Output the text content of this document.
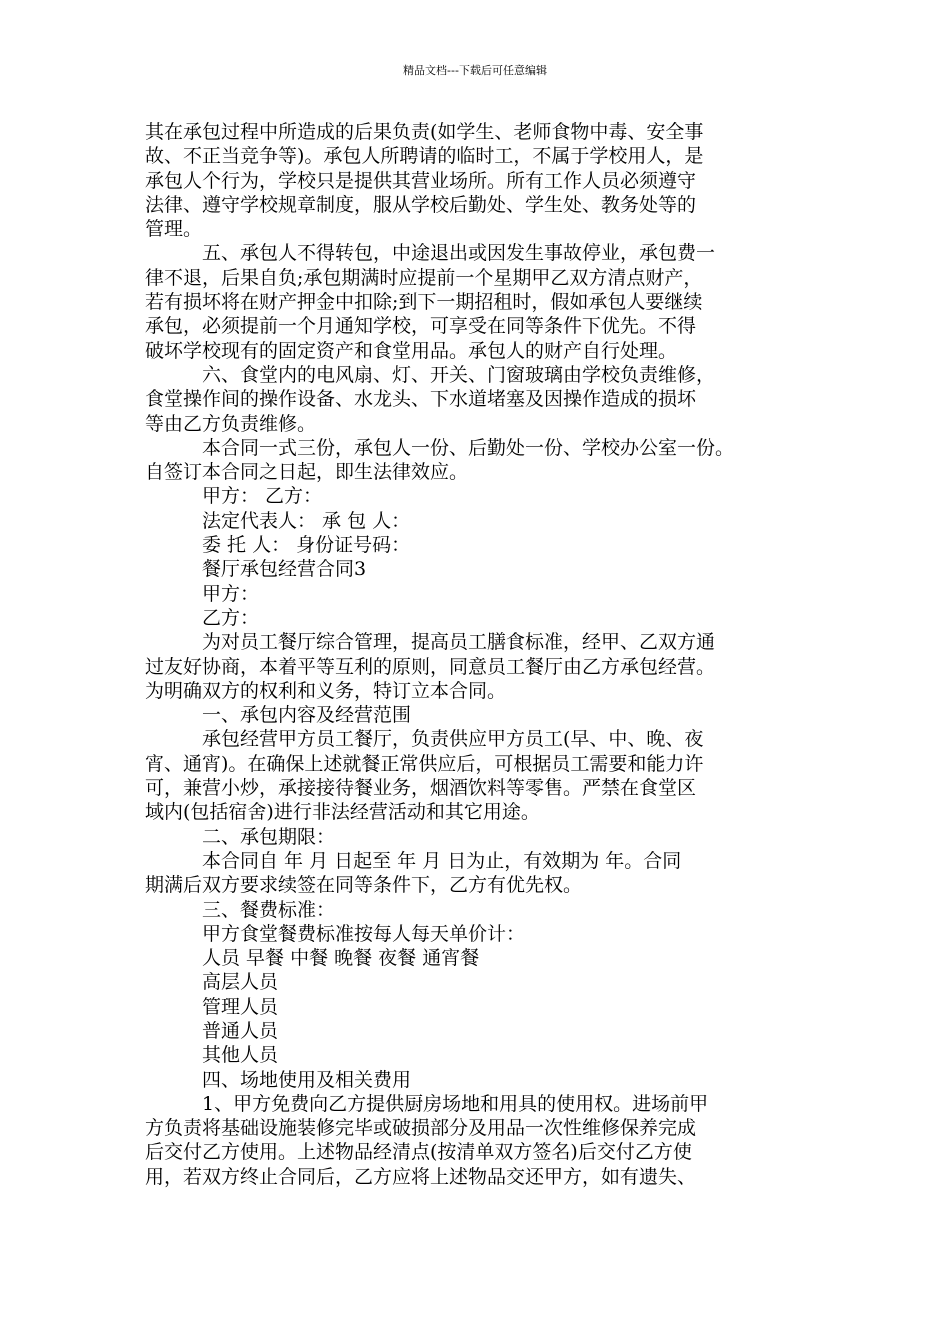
精品文档---下载后可任意编辑
其在承包过程中所造成的后果负责(如学生、老师食物中毒、安全事
故、不正当竞争等)。承包人所聘请的临时工，不属于学校用人，是
承包人个行为，学校只是提供其营业场所。所有工作人员必须遵守
法律、遵守学校规章制度，服从学校后勤处、学生处、教务处等的
管理。
五、承包人不得转包，中途退出或因发生事故停业，承包费一
律不退，后果自负;承包期满时应提前一个星期甲乙双方清点财产，
若有损坏将在财产押金中扣除;到下一期招租时，假如承包人要继续
承包，必须提前一个月通知学校，可享受在同等条件下优先。不得
破坏学校现有的固定资产和食堂用品。承包人的财产自行处理。
六、食堂内的电风扇、灯、开关、门窗玻璃由学校负责维修，
食堂操作间的操作设备、水龙头、下水道堵塞及因操作造成的损坏
等由乙方负责维修。
本合同一式三份，承包人一份、后勤处一份、学校办公室一份。
自签订本合同之日起，即生法律效应。
甲方： 乙方：
法定代表人： 承 包 人：
委 托 人： 身份证号码：
餐厅承包经营合同3
甲方：
乙方：
为对员工餐厅综合管理，提高员工膳食标准，经甲、乙双方通
过友好协商，本着平等互利的原则，同意员工餐厅由乙方承包经营。
为明确双方的权利和义务，特订立本合同。
一、承包内容及经营范围
承包经营甲方员工餐厅，负责供应甲方员工(早、中、晚、夜
宵、通宵)。在确保上述就餐正常供应后，可根据员工需要和能力许
可，兼营小炒，承接接待餐业务，烟酒饮料等零售。严禁在食堂区
域内(包括宿舍)进行非法经营活动和其它用途。
二、承包期限：
本合同自 年 月 日起至 年 月 日为止，有效期为 年。合同
期满后双方要求续签在同等条件下，乙方有优先权。
三、餐费标准：
甲方食堂餐费标准按每人每天单价计：
人员 早餐 中餐 晚餐 夜餐 通宵餐
高层人员
管理人员
普通人员
其他人员
四、场地使用及相关费用
1、甲方免费向乙方提供厨房场地和用具的使用权。进场前甲
方负责将基础设施装修完毕或破损部分及用品一次性维修保养完成
后交付乙方使用。上述物品经清点(按清单双方签名)后交付乙方使
用，若双方终止合同后，乙方应将上述物品交还甲方，如有遗失、
